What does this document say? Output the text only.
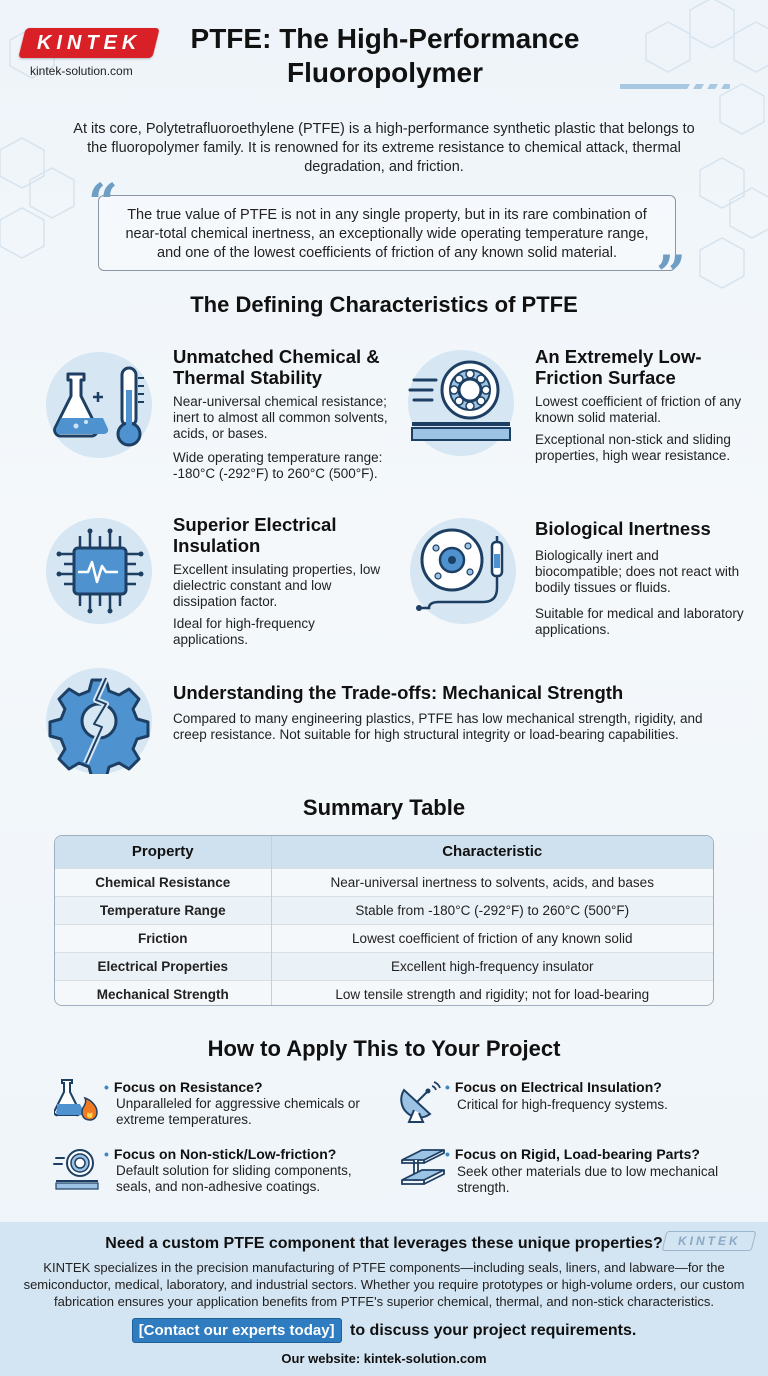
KINTEK
kintek-solution.com
PTFE: The High-Performance Fluoropolymer
At its core, Polytetrafluoroethylene (PTFE) is a high-performance synthetic plastic that belongs to the fluoropolymer family. It is renowned for its extreme resistance to chemical attack, thermal degradation, and friction.
The true value of PTFE is not in any single property, but in its rare combination of near-total chemical inertness, an exceptionally wide operating temperature range, and one of the lowest coefficients of friction of any known solid material.
“
”
The Defining Characteristics of PTFE
Unmatched Chemical & Thermal Stability
Near-universal chemical resistance; inert to almost all common solvents, acids, or bases.
Wide operating temperature range: -180°C (-292°F) to 260°C (500°F).
An Extremely Low-Friction Surface
Lowest coefficient of friction of any known solid material.
Exceptional non-stick and sliding properties, high wear resistance.
Superior Electrical Insulation
Excellent insulating properties, low dielectric constant and low dissipation factor.
Ideal for high-frequency applications.
Biological Inertness
Biologically inert and biocompatible; does not react with bodily tissues or fluids.
Suitable for medical and laboratory applications.
Understanding the Trade-offs: Mechanical Strength
Compared to many engineering plastics, PTFE has low mechanical strength, rigidity, and creep resistance. Not suitable for high structural integrity or load-bearing capabilities.
Summary Table
Property	Characteristic
Chemical Resistance	Near-universal inertness to solvents, acids, and bases
Temperature Range	Stable from -180°C (-292°F) to 260°C (500°F)
Friction	Lowest coefficient of friction of any known solid
Electrical Properties	Excellent high-frequency insulator
Mechanical Strength	Low tensile strength and rigidity; not for load-bearing
How to Apply This to Your Project
• Focus on Resistance?
Unparalleled for aggressive chemicals or extreme temperatures.
• Focus on Electrical Insulation?
Critical for high-frequency systems.
• Focus on Non-stick/Low-friction?
Default solution for sliding components, seals, and non-adhesive coatings.
• Focus on Rigid, Load-bearing Parts?
Seek other materials due to low mechanical strength.
KINTEK
Need a custom PTFE component that leverages these unique properties?
KINTEK specializes in the precision manufacturing of PTFE components—including seals, liners, and labware—for the semiconductor, medical, laboratory, and industrial sectors. Whether you require prototypes or high-volume orders, our custom fabrication ensures your application benefits from PTFE's superior chemical, thermal, and non-stick characteristics.
[Contact our experts today] to discuss your project requirements.
Our website: kintek-solution.com
